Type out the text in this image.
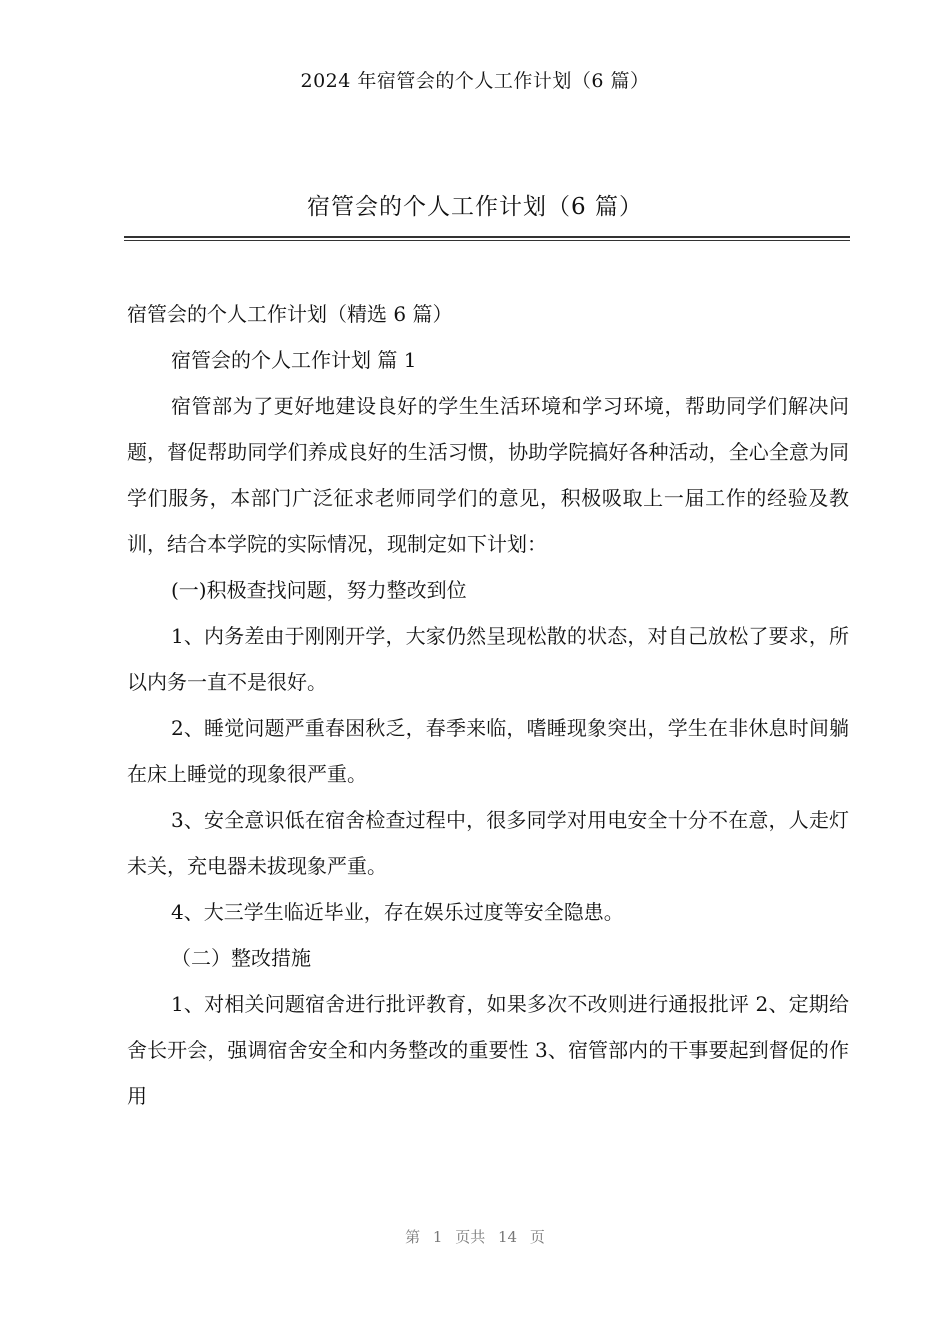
2024 年宿管会的个人工作计划（6 篇）
宿管会的个人工作计划（6 篇）

宿管会的个人工作计划（精选 6 篇）

宿管会的个人工作计划 篇 1

宿管部为了更好地建设良好的学生生活环境和学习环境，帮助同学们解决问题，督促帮助同学们养成良好的生活习惯，协助学院搞好各种活动，全心全意为同学们服务，本部门广泛征求老师同学们的意见，积极吸取上一届工作的经验及教训，结合本学院的实际情况，现制定如下计划：

(一)积极查找问题，努力整改到位

1、内务差由于刚刚开学，大家仍然呈现松散的状态，对自己放松了要求，所以内务一直不是很好。

2、睡觉问题严重春困秋乏，春季来临，嗜睡现象突出，学生在非休息时间躺在床上睡觉的现象很严重。

3、安全意识低在宿舍检查过程中，很多同学对用电安全十分不在意，人走灯未关，充电器未拔现象严重。

4、大三学生临近毕业，存在娱乐过度等安全隐患。

（二）整改措施

1、对相关问题宿舍进行批评教育，如果多次不改则进行通报批评 2、定期给舍长开会，强调宿舍安全和内务整改的重要性 3、宿管部内的干事要起到督促的作用

第 1 页共 14 页
